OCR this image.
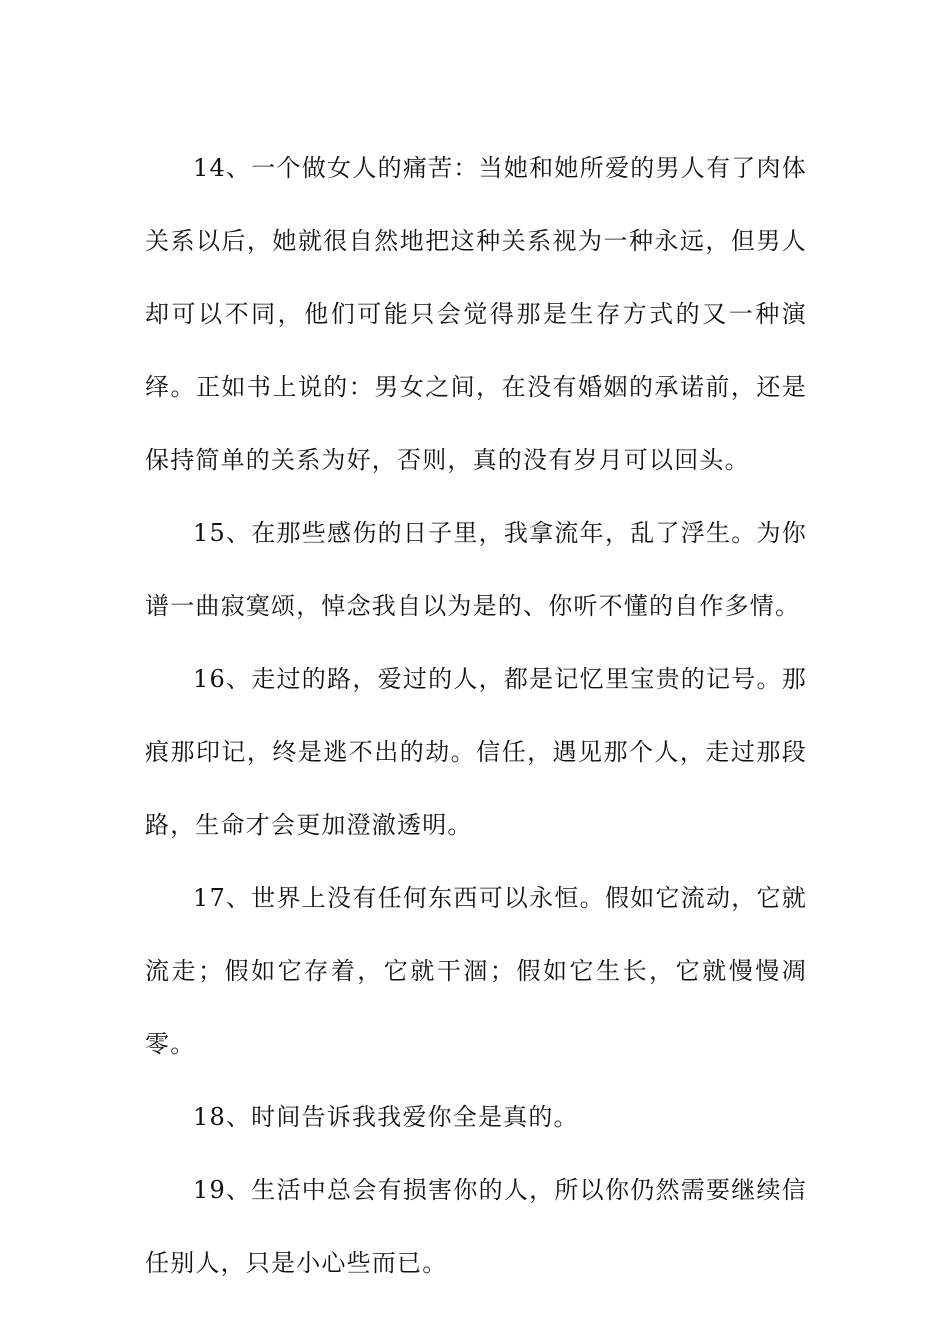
14、一个做女人的痛苦：当她和她所爱的男人有了肉体关系以后，她就很自然地把这种关系视为一种永远，但男人却可以不同，他们可能只会觉得那是生存方式的又一种演绎。正如书上说的：男女之间，在没有婚姻的承诺前，还是保持简单的关系为好，否则，真的没有岁月可以回头。

15、在那些感伤的日子里，我拿流年，乱了浮生。为你谱一曲寂寞颂，悼念我自以为是的、你听不懂的自作多情。

16、走过的路，爱过的人，都是记忆里宝贵的记号。那痕那印记，终是逃不出的劫。信任，遇见那个人，走过那段路，生命才会更加澄澈透明。

17、世界上没有任何东西可以永恒。假如它流动，它就流走；假如它存着，它就干涸；假如它生长，它就慢慢凋零。

18、时间告诉我我爱你全是真的。

19、生活中总会有损害你的人，所以你仍然需要继续信任别人，只是小心些而已。
